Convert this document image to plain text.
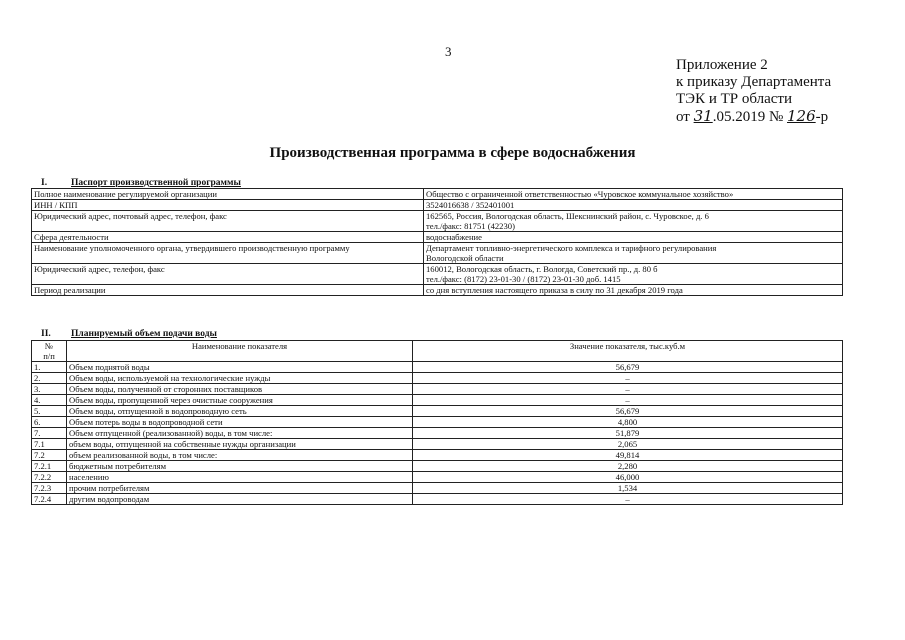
3
Приложение 2
к приказу Департамента
ТЭК и ТР области
от 31.05.2019 № 126-р
Производственная программа в сфере водоснабжения
I.	Паспорт производственной программы
Полное наименование регулируемой организации	Общество с ограниченной ответственностью «Чуровское коммунальное хозяйство»

ИНН / КПП	3524016638 / 352401001

Юридический адрес, почтовый адрес, телефон, факс	162565, Россия, Вологодская область, Шекснинский район, с. Чуровское, д. 6
тел./факс: 81751 (42230)

Сфера деятельности	водоснабжение

Наименование уполномоченного органа, утвердившего производственную программу	Департамент топливно-энергетического комплекса и тарифного регулирования
Вологодской области

Юридический адрес, телефон, факс	160012, Вологодская область, г. Вологда, Советский пр., д. 80 б
тел./факс: (8172) 23-01-30 / (8172) 23-01-30 доб. 1415

Период реализации	со дня вступления настоящего приказа в силу по 31 декабря 2019 года
II. Планируемый объем подачи воды
№
п/п	Наименование показателя	Значение показателя, тыс.куб.м
1.	Объем поднятой воды	56,679
2.	Объем воды, используемой на технологические нужды	–
3.	Объем воды, полученной от сторонних поставщиков	–
4.	Объем воды, пропущенной через очистные сооружения	–
5.	Объем воды, отпущенной в водопроводную сеть	56,679
6.	Объем потерь воды в водопроводной сети	4,800
7.	Объем отпущенной (реализованной) воды, в том числе:	51,879
7.1	объем воды, отпущенной на собственные нужды организации	2,065
7.2	объем реализованной воды, в том числе:	49,814
7.2.1	бюджетным потребителям	2,280
7.2.2	населению	46,000
7.2.3	прочим потребителям	1,534
7.2.4	другим водопроводам	–
